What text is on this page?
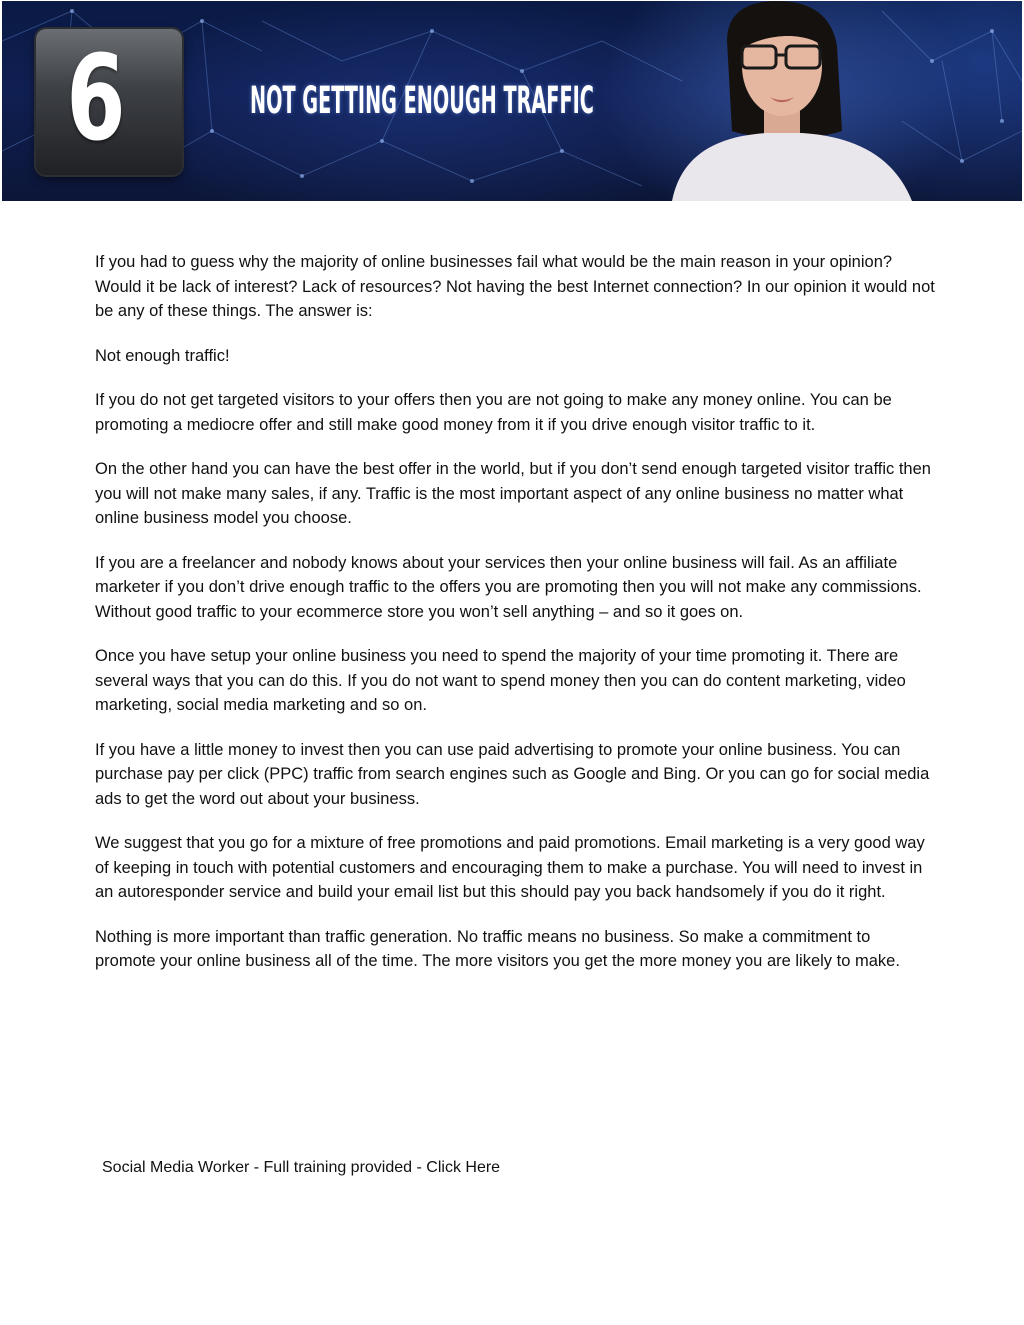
6	NOT GETTING ENOUGH TRAFFIC

If you had to guess why the majority of online businesses fail what would be the main reason in your opinion? Would it be lack of interest? Lack of resources? Not having the best Internet connection? In our opinion it would not be any of these things. The answer is:

Not enough traffic!

If you do not get targeted visitors to your offers then you are not going to make any money online. You can be promoting a mediocre offer and still make good money from it if you drive enough visitor traffic to it.

On the other hand you can have the best offer in the world, but if you don’t send enough targeted visitor traffic then you will not make many sales, if any. Traffic is the most important aspect of any online business no matter what online business model you choose.

If you are a freelancer and nobody knows about your services then your online business will fail. As an affiliate marketer if you don’t drive enough traffic to the offers you are promoting then you will not make any commissions. Without good traffic to your ecommerce store you won’t sell anything – and so it goes on.

Once you have setup your online business you need to spend the majority of your time promoting it. There are several ways that you can do this. If you do not want to spend money then you can do content marketing, video marketing, social media marketing and so on.

If you have a little money to invest then you can use paid advertising to promote your online business. You can purchase pay per click (PPC) traffic from search engines such as Google and Bing. Or you can go for social media ads to get the word out about your business.

We suggest that you go for a mixture of free promotions and paid promotions. Email marketing is a very good way of keeping in touch with potential customers and encouraging them to make a purchase. You will need to invest in an autoresponder service and build your email list but this should pay you back handsomely if you do it right.

Nothing is more important than traffic generation. No traffic means no business. So make a commitment to promote your online business all of the time. The more visitors you get the more money you are likely to make.

Social Media Worker - Full training provided - Click Here
